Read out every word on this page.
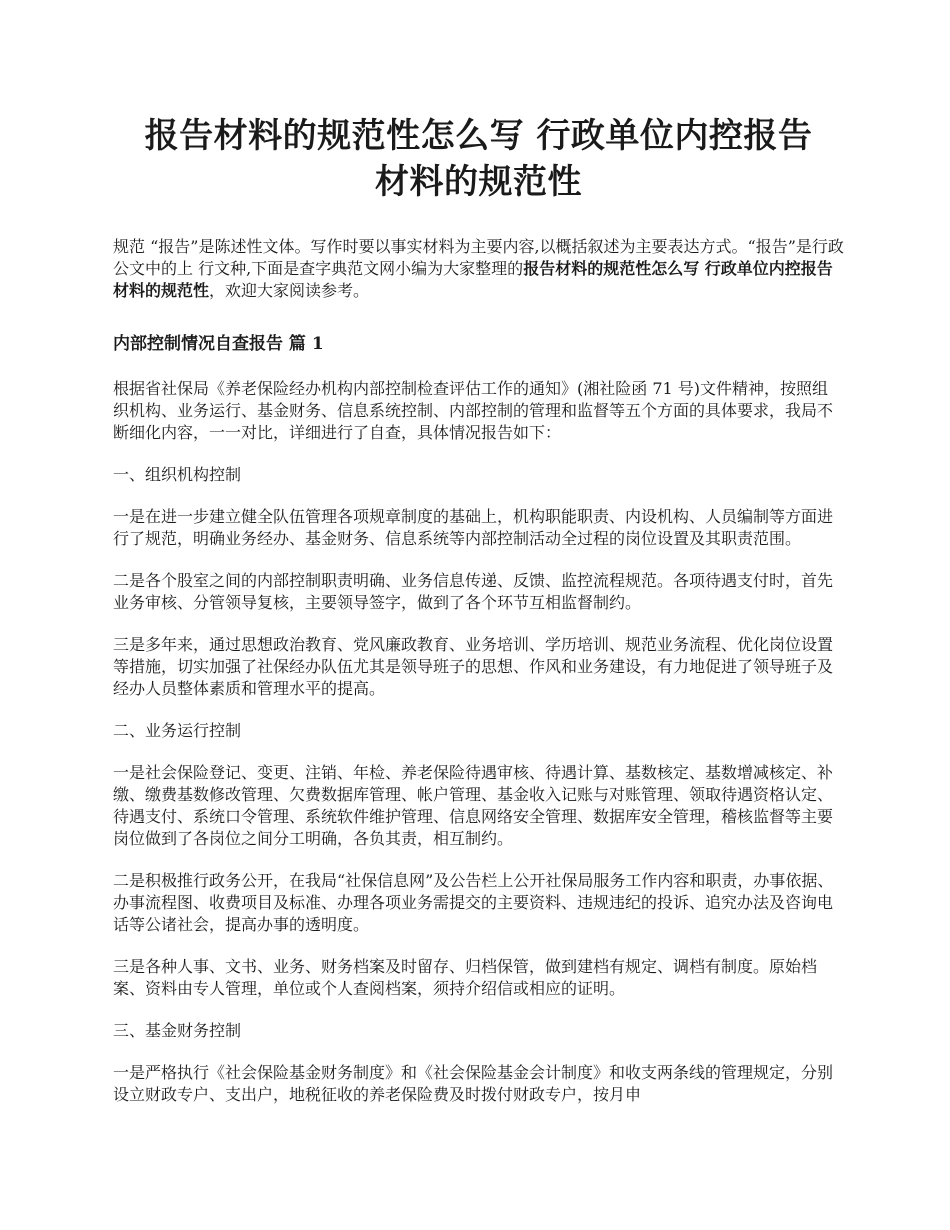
报告材料的规范性怎么写 行政单位内控报告
材料的规范性

规范 “报告”是陈述性文体。写作时要以事实材料为主要内容,以概括叙述为主要表达方式。“报告”是行政公文中的上 行文种,下面是查字典范文网小编为大家整理的报告材料的规范性怎么写 行政单位内控报告材料的规范性，欢迎大家阅读参考。

内部控制情况自查报告 篇 1

根据省社保局《养老保险经办机构内部控制检查评估工作的通知》(湘社险函 71 号)文件精神，按照组织机构、业务运行、基金财务、信息系统控制、内部控制的管理和监督等五个方面的具体要求，我局不断细化内容，一一对比，详细进行了自查，具体情况报告如下：

一、组织机构控制

一是在进一步建立健全队伍管理各项规章制度的基础上，机构职能职责、内设机构、人员编制等方面进行了规范，明确业务经办、基金财务、信息系统等内部控制活动全过程的岗位设置及其职责范围。

二是各个股室之间的内部控制职责明确、业务信息传递、反馈、监控流程规范。各项待遇支付时，首先业务审核、分管领导复核，主要领导签字，做到了各个环节互相监督制约。

三是多年来，通过思想政治教育、党风廉政教育、业务培训、学历培训、规范业务流程、优化岗位设置等措施，切实加强了社保经办队伍尤其是领导班子的思想、作风和业务建设，有力地促进了领导班子及经办人员整体素质和管理水平的提高。

二、业务运行控制

一是社会保险登记、变更、注销、年检、养老保险待遇审核、待遇计算、基数核定、基数增减核定、补缴、缴费基数修改管理、欠费数据库管理、帐户管理、基金收入记账与对账管理、领取待遇资格认定、待遇支付、系统口令管理、系统软件维护管理、信息网络安全管理、数据库安全管理，稽核监督等主要岗位做到了各岗位之间分工明确，各负其责，相互制约。

二是积极推行政务公开，在我局“社保信息网”及公告栏上公开社保局服务工作内容和职责，办事依据、办事流程图、收费项目及标准、办理各项业务需提交的主要资料、违规违纪的投诉、追究办法及咨询电话等公诸社会，提高办事的透明度。

三是各种人事、文书、业务、财务档案及时留存、归档保管，做到建档有规定、调档有制度。原始档案、资料由专人管理，单位或个人查阅档案，须持介绍信或相应的证明。

三、基金财务控制

一是严格执行《社会保险基金财务制度》和《社会保险基金会计制度》和收支两条线的管理规定，分别设立财政专户、支出户，地税征收的养老保险费及时拨付财政专户，按月申
